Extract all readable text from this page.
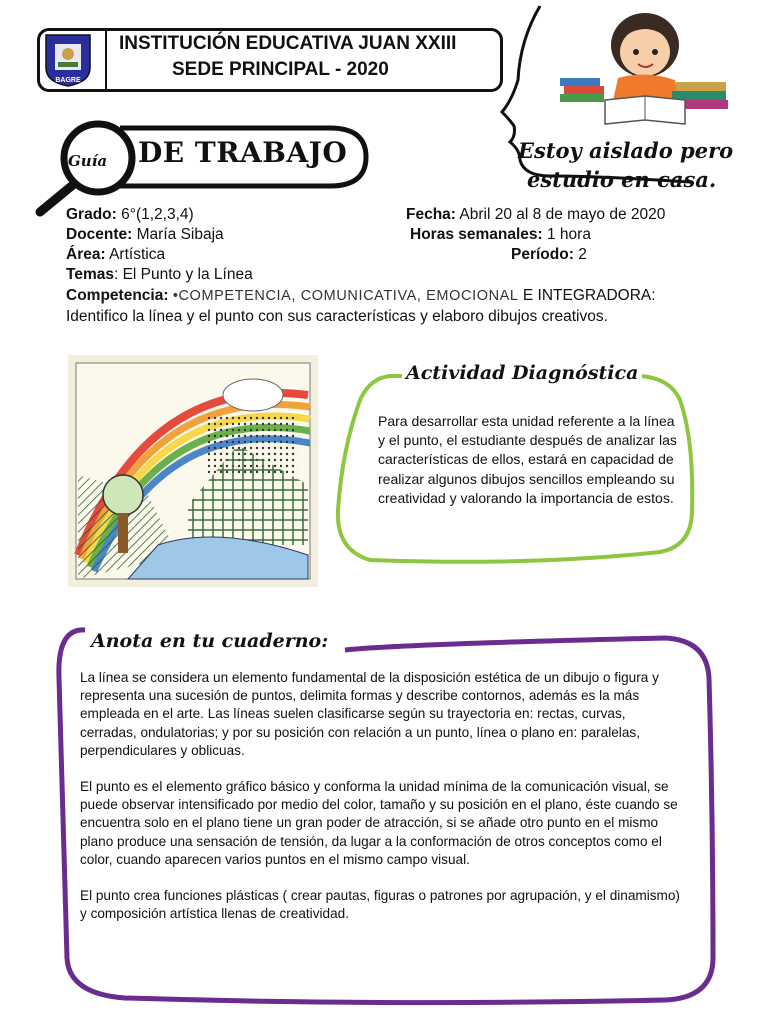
BAGRE
INSTITUCIÓN EDUCATIVA JUAN XXIII
SEDE PRINCIPAL - 2020
Estoy aislado pero
estudio en casa.
Guía DE TRABAJO
Grado: 6°(1,2,3,4)	Fecha: Abril 20 al 8 de mayo de 2020
Docente: María Sibaja	Horas semanales: 1 hora
Área: Artística	Período: 2
Temas: El Punto y la Línea
Competencia: •COMPETENCIA, COMUNICATIVA, EMOCIONAL E INTEGRADORA:
Identifico la línea y el punto con sus características y elaboro dibujos creativos.
Actividad Diagnóstica
Para desarrollar esta unidad referente a la línea y el punto, el estudiante después de analizar las características de ellos, estará en capacidad de realizar algunos dibujos sencillos empleando su creatividad y valorando la importancia de estos.
Anota en tu cuaderno:

La línea se considera un elemento fundamental de la disposición estética de un dibujo o figura y representa una sucesión de puntos, delimita formas y describe contornos, además es la más empleada en el arte. Las líneas suelen clasificarse según su trayectoria en: rectas, curvas, cerradas, ondulatorias; y por su posición con relación a un punto, línea o plano en: paralelas, perpendiculares y oblicuas.

El punto es el elemento gráfico básico y conforma la unidad mínima de la comunicación visual, se puede observar intensificado por medio del color, tamaño y su posición en el plano, éste cuando se encuentra solo en el plano tiene un gran poder de atracción, si se añade otro punto en el mismo plano produce una sensación de tensión, da lugar a la conformación de otros conceptos como el color, cuando aparecen varios puntos en el mismo campo visual.

El punto crea funciones plásticas ( crear pautas, figuras o patrones por agrupación, y el dinamismo) y composición artística llenas de creatividad.
